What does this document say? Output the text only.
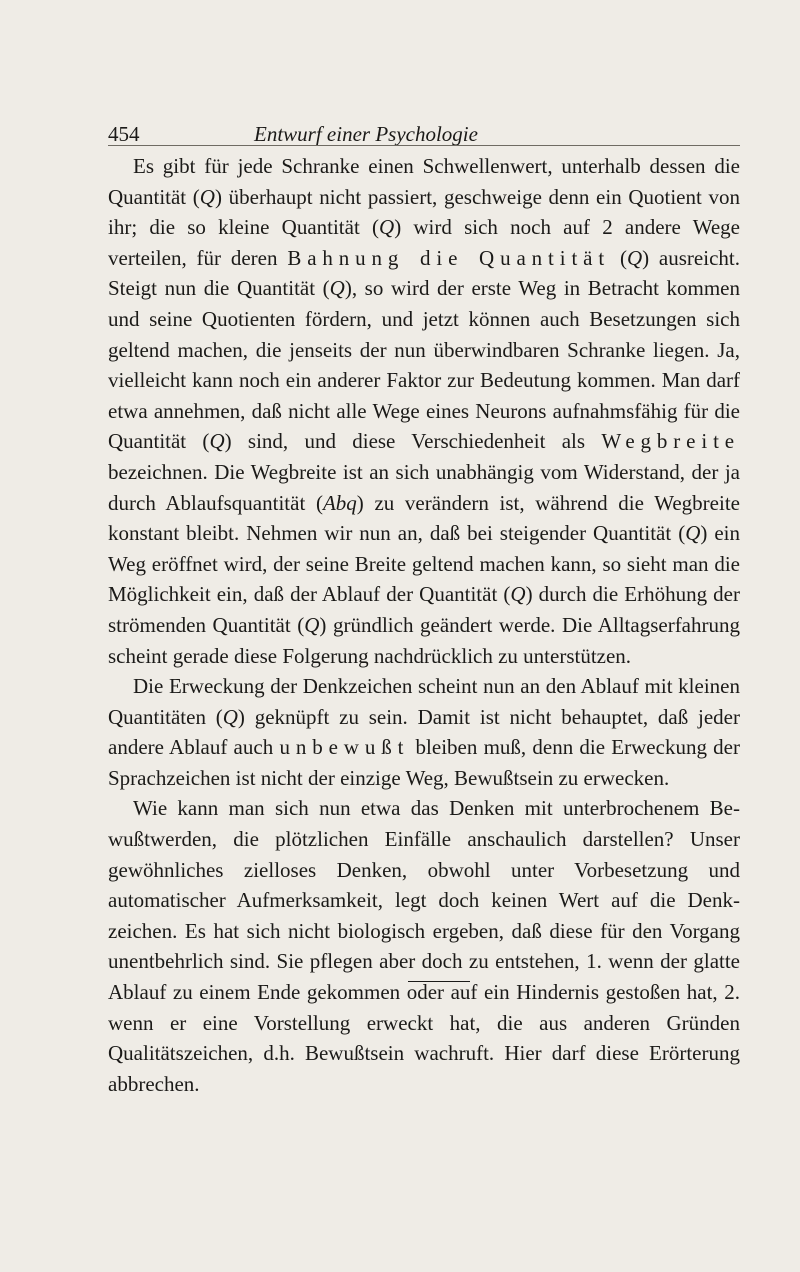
454	Entwurf einer Psychologie

Es gibt für jede Schranke einen Schwellenwert, unterhalb dessen die Quantität (Q) überhaupt nicht passiert, geschweige denn ein Quotient von ihr; die so kleine Quantität (Q) wird sich noch auf 2 andere Wege verteilen, für deren Bahnung die Quantität (Q) ausreicht. Steigt nun die Quantität (Q), so wird der erste Weg in Betracht kommen und seine Quotienten fördern, und jetzt können auch Besetzungen sich geltend machen, die jenseits der nun überwindbaren Schranke liegen. Ja, vielleicht kann noch ein anderer Faktor zur Bedeutung kommen. Man darf etwa annehmen, daß nicht alle Wege eines Neurons aufnahmsfähig für die Quantität (Q) sind, und diese Verschiedenheit als Wegbreite bezeichnen. Die Wegbreite ist an sich unabhängig vom Widerstand, der ja durch Ablaufsquantität (Abq) zu verändern ist, während die Wegbreite konstant bleibt. Nehmen wir nun an, daß bei steigender Quantität (Q) ein Weg eröffnet wird, der seine Breite geltend machen kann, so sieht man die Möglichkeit ein, daß der Ablauf der Quantität (Q) durch die Erhöhung der strömenden Quantität (Q) gründlich geändert werde. Die Alltagserfahrung scheint gerade diese Folgerung nachdrücklich zu unterstützen.

Die Erweckung der Denkzeichen scheint nun an den Ablauf mit kleinen Quantitäten (Q) geknüpft zu sein. Damit ist nicht behauptet, daß jeder andere Ablauf auch unbewußt bleiben muß, denn die Erweckung der Sprachzeichen ist nicht der einzige Weg, Bewußtsein zu erwecken.

Wie kann man sich nun etwa das Denken mit unterbrochenem Bewußtwerden, die plötzlichen Einfälle anschaulich darstellen? Unser gewöhnliches zielloses Denken, obwohl unter Vorbesetzung und automatischer Aufmerksamkeit, legt doch keinen Wert auf die Denkzeichen. Es hat sich nicht biologisch ergeben, daß diese für den Vorgang unentbehrlich sind. Sie pflegen aber doch zu entstehen, 1. wenn der glatte Ablauf zu einem Ende gekommen oder auf ein Hindernis gestoßen hat, 2. wenn er eine Vorstellung erweckt hat, die aus anderen Gründen Qualitätszeichen, d.h. Bewußtsein wachruft. Hier darf diese Erörterung abbrechen.
